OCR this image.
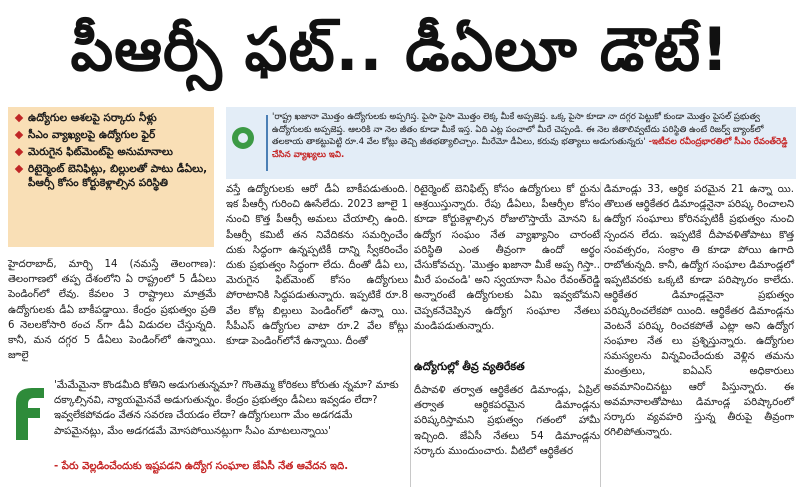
పీఆర్సీ ఫట్.. డీఏలూ డౌటే!
ఉద్యోగుల ఆశలపై సర్కారు నీళ్లు
సీఎం వ్యాఖ్యలపై ఉద్యోగుల ఫైర్
మెరుగైన ఫిట్‌మెంట్‌పై అనుమానాలు
రిటైర్మెంట్ బెనిఫిట్లు, బిల్లులతో పాటు డీఏలు, పీఆర్సీ కోసం కోర్టుకెళ్లాల్సిన పరిస్థితి
'రాష్ట్ర ఖజానా మొత్తం ఉద్యోగులకు అప్పగిస్త. పైసా పైసా మొత్తం లెక్క మీకే అప్పజెప్త. ఒక్క పైసా కూడా నా దగ్గర పెట్టుకో కుండా మొత్తం పైసల్ ప్రభుత్వ ఉద్యోగులకు అప్పజెప్త. ఆలరికి నా నెల జీతం కూడా మీకే ఇస్త. ఏది ఎట్ల పంచాలో మీరే చెప్పండి. ఈ నెల జీతాలివ్వటేదు పరిస్థితి ఉంటే రిజర్వ్ బ్యాంక్‌లో తలకాయ తాకట్టుపెట్టి రూ.4 వేల కోట్లు తెచ్చి జీతభత్యాలిచ్చాం. మీరేమో డీఏలు, కరువు భత్యాలు అడుగుతున్నరు' -ఇటీవల రవీంద్రభారతిలో సీఎం రేవంత్‌రెడ్డి చేసిన వ్యాఖ్యలు ఇవి.

హైదరాబాద్, మార్చి 14 (నమస్తే తెలంగాణ): తెలంగాణలో తప్ప దేశంలోని ఏ రాష్ట్రంలో 5 డీఏలు పెండింగ్‌లో లేవు. కేవలం 3 రాష్ట్రాలు మాత్రమే ఉద్యోగులకు డీఏ బాకీపడ్డాయి. కేంద్రం ప్రభుత్వం ప్రతి 6 నెలలకోసారి ఠంచ న్‌గా డీఏ విడుదల చేస్తున్నది. కానీ, మన దగ్గర 5 డీఏలు పెండింగ్‌లో ఉన్నాయి. జూలై

వస్తే ఉద్యోగులకు ఆరో డీఏ బాకీపడుతుంది. ఇక పీఆర్సీ గురించి ఊసేలేదు. 2023 జూలై 1 నుంచి కొత్త పీఆర్సీ అమలు చేయాల్సి ఉంది. పీఆర్సీ కమిటీ తన నివేదికను సమర్పించేం దుకు సిద్ధంగా ఉన్నప్పటికీ దాన్ని స్వీకరించేం దుకు ప్రభుత్వం సిద్ధంగా లేదు. దీంతో డీఏ లు, మెరుగైన ఫిట్‌మెంట్ కోసం ఉద్యోగులు పోరాటానికి సిద్ధపడుతున్నారు. ఇప్పటికే రూ.8 వేల కోట్ల బిల్లులు పెండింగ్‌లో ఉన్నా యి. సీపీఎస్ ఉద్యోగుల వాటా రూ.2 వేల కోట్లు కూడా పెండింగ్‌లోనే ఉన్నాయి. దీంతో

రిటైర్మెంట్ బెనిఫిట్స్ కోసం ఉద్యోగులు కో ర్టును ఆశ్రయిస్తున్నారు. రేపు డీఏలు, పీఆర్సీల కోసం కూడా కోర్టుకెళ్లాల్సిన రోజులొస్తాయే మోనని ఓ ఉద్యోగ సంఘం నేత వ్యాఖ్యానిం చారంటే పరిస్థితి ఎంత తీవ్రంగా ఉందో అర్థం చేసుకోవచ్చు. 'మొత్తం ఖజానా మీకే అప్ప గిస్తా.. మీరే పంచండి' అని స్వయానా సీఎం రేవంత్‌రెడ్డి అన్నారంటే ఉద్యోగులకు ఏమి ఇవ్వబోమని చెప్పకనేచెప్పిన ఉద్యోగ సంఘాల నేతలు మండిపడుతున్నారు.

ఉద్యోగుల్లో తీవ్ర వ్యతిరేకత

దీపావళి తర్వాత ఆర్థికేతర డిమాండ్లు, ఏప్రిల్ తర్వాత ఆర్థికపరమైన డిమాండ్లను పరిష్కరిస్తామని ప్రభుత్వం గతంలో హామీ ఇచ్చింది. జేఏసీ నేతలు 54 డిమాండ్లను సర్కారు ముందుంచారు. వీటిలో ఆర్థికేతర

డిమాండ్లు 33, ఆర్థిక పరమైన 21 ఉన్నా యి. తొలుత ఆర్థికేతర డిమాండ్లనైనా పరిష్క రించాలని ఉద్యోగ సంఘాలు కోరినప్పటికీ ప్రభుత్వం నుంచి స్పందన లేదు. ఇప్పటికే దీపావళితోపాటు కొత్త సంవత్సరం, సంక్రాం తి కూడా పోయి ఉగాది రాబోతున్నది. కానీ, ఉద్యోగ సంఘాల డిమాండ్లలో ఇప్పటివరకు ఒక్కటి కూడా పరిష్కారం కాలేదు. ఆర్థికేతర డిమాండ్లనైనా ప్రభుత్వం పరిష్కరించలేకపో యింది. ఆర్థికేతర డిమాండ్లను వెంటనే పరిష్క రించకపోతే ఎట్లా అని ఉద్యోగ సంఘాల నేత లు ప్రశ్నిస్తున్నారు. ఉద్యోగుల సమస్యలను విన్నవించేందుకు వెళ్లిన తమను మంత్రులు, ఐఏఎస్ అధికారులు అవమానించినట్టు ఆరో పిస్తున్నారు. ఈ అవమానాలతోపాటు డిమాండ్ల పరిష్కారంలో సర్కారు వ్యవహరి స్తున్న తీరుపై తీవ్రంగా రగిలిపోతున్నారు.

'మేమేమైనా కొండమీది కోతిని అడుగుతున్నమా? గొంతెమ్మ కోరికలు కోరుతు న్నమా? మాకు దక్కాల్సినవి, న్యాయమైనవే అడుగుతున్నం. కేంద్రం ప్రభుత్వం డీఏలు ఇవ్వడం లేదా? ఇవ్వలేకపోవడం వేతన సవరణ చేయడం లేదా? ఉద్యోగులుగా మేం అడగడమే పాపమైనట్లు, మేం అడగడమే మోసపోయినట్లుగా సీఎం మాటలున్నాయి'
- పేరు వెల్లడించేందుకు ఇష్టపడని ఉద్యోగ సంఘాల జేఏసీ నేత ఆవేదన ఇది.
